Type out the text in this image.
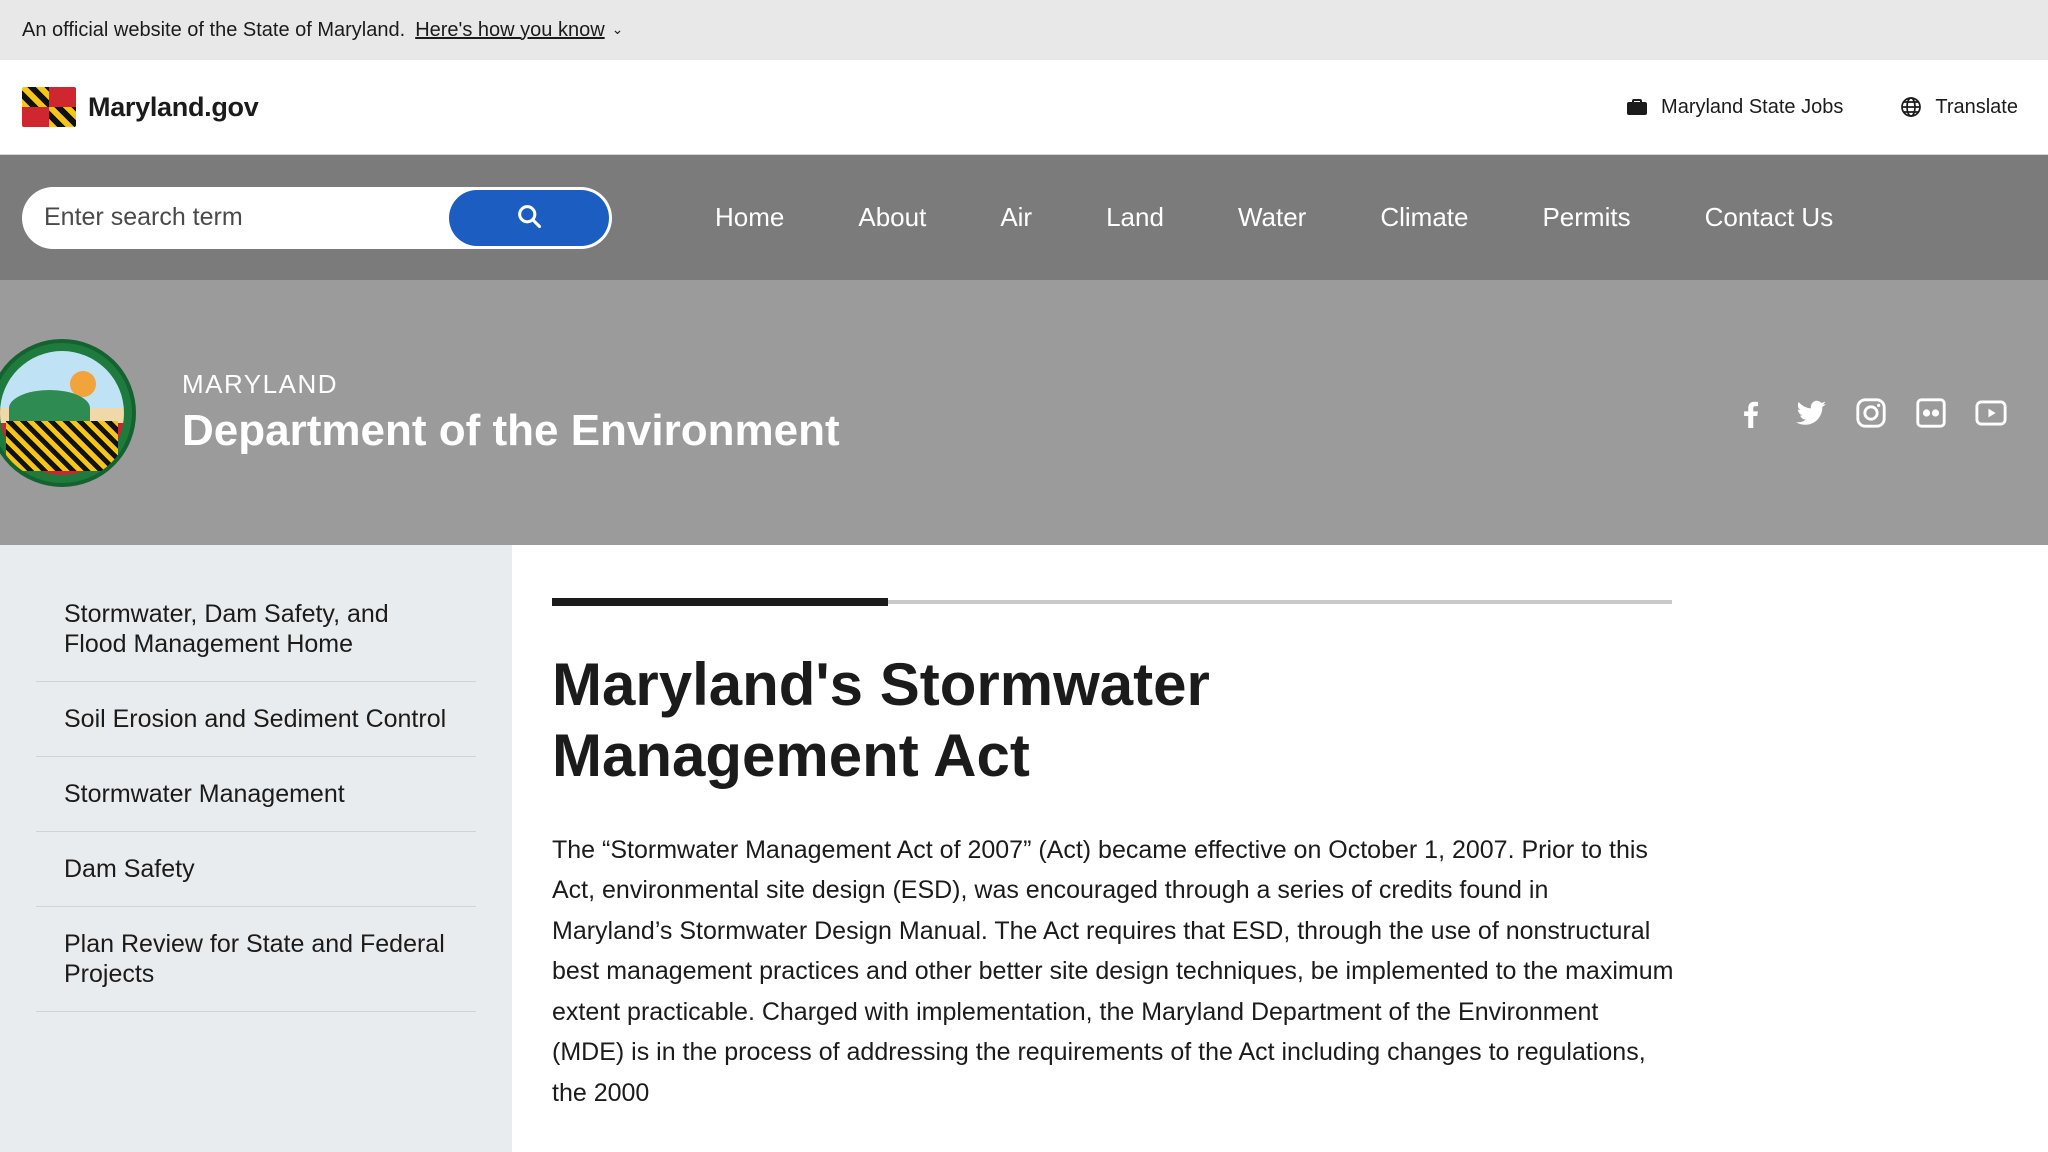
An official website of the State of Maryland. Here's how you know ⌄
Maryland.gov	Maryland State Jobs	Translate
Enter search term
Home	About	Air	Land	Water	Climate	Permits	Contact Us
MARYLAND
Department of the Environment
Stormwater, Dam Safety, and Flood Management Home
Soil Erosion and Sediment Control
Stormwater Management
Dam Safety
Plan Review for State and Federal Projects
Maryland's Stormwater Management Act

The “Stormwater Management Act of 2007” (Act) became effective on October 1, 2007. Prior to this Act, environmental site design (ESD), was encouraged through a series of credits found in Maryland’s Stormwater Design Manual. The Act requires that ESD, through the use of nonstructural best management practices and other better site design techniques, be implemented to the maximum extent practicable. Charged with implementation, the Maryland Department of the Environment (MDE) is in the process of addressing the requirements of the Act including changes to regulations, the 2000
